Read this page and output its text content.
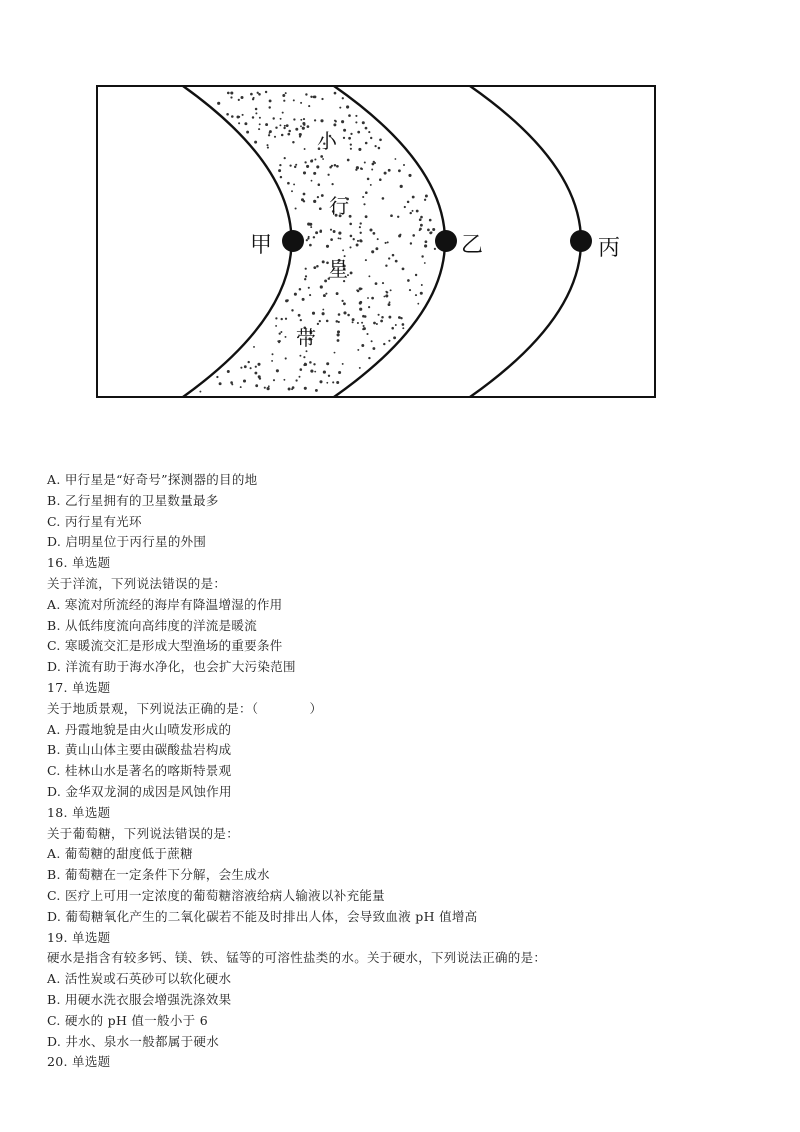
甲	乙	丙
小
行
星
带
A. 甲行星是“好奇号”探测器的目的地
B. 乙行星拥有的卫星数量最多
C. 丙行星有光环
D. 启明星位于丙行星的外围
16. 单选题
关于洋流，下列说法错误的是：
A. 寒流对所流经的海岸有降温增湿的作用
B. 从低纬度流向高纬度的洋流是暖流
C. 寒暖流交汇是形成大型渔场的重要条件
D. 洋流有助于海水净化，也会扩大污染范围
17. 单选题
关于地质景观，下列说法正确的是：（　　　　）
A. 丹霞地貌是由火山喷发形成的
B. 黄山山体主要由碳酸盐岩构成
C. 桂林山水是著名的喀斯特景观
D. 金华双龙洞的成因是风蚀作用
18. 单选题
关于葡萄糖，下列说法错误的是：
A. 葡萄糖的甜度低于蔗糖
B. 葡萄糖在一定条件下分解，会生成水
C. 医疗上可用一定浓度的葡萄糖溶液给病人输液以补充能量
D. 葡萄糖氧化产生的二氧化碳若不能及时排出人体，会导致血液 pH 值增高
19. 单选题
硬水是指含有较多钙、镁、铁、锰等的可溶性盐类的水。关于硬水，下列说法正确的是：
A. 活性炭或石英砂可以软化硬水
B. 用硬水洗衣服会增强洗涤效果
C. 硬水的 pH 值一般小于 6
D. 井水、泉水一般都属于硬水
20. 单选题
